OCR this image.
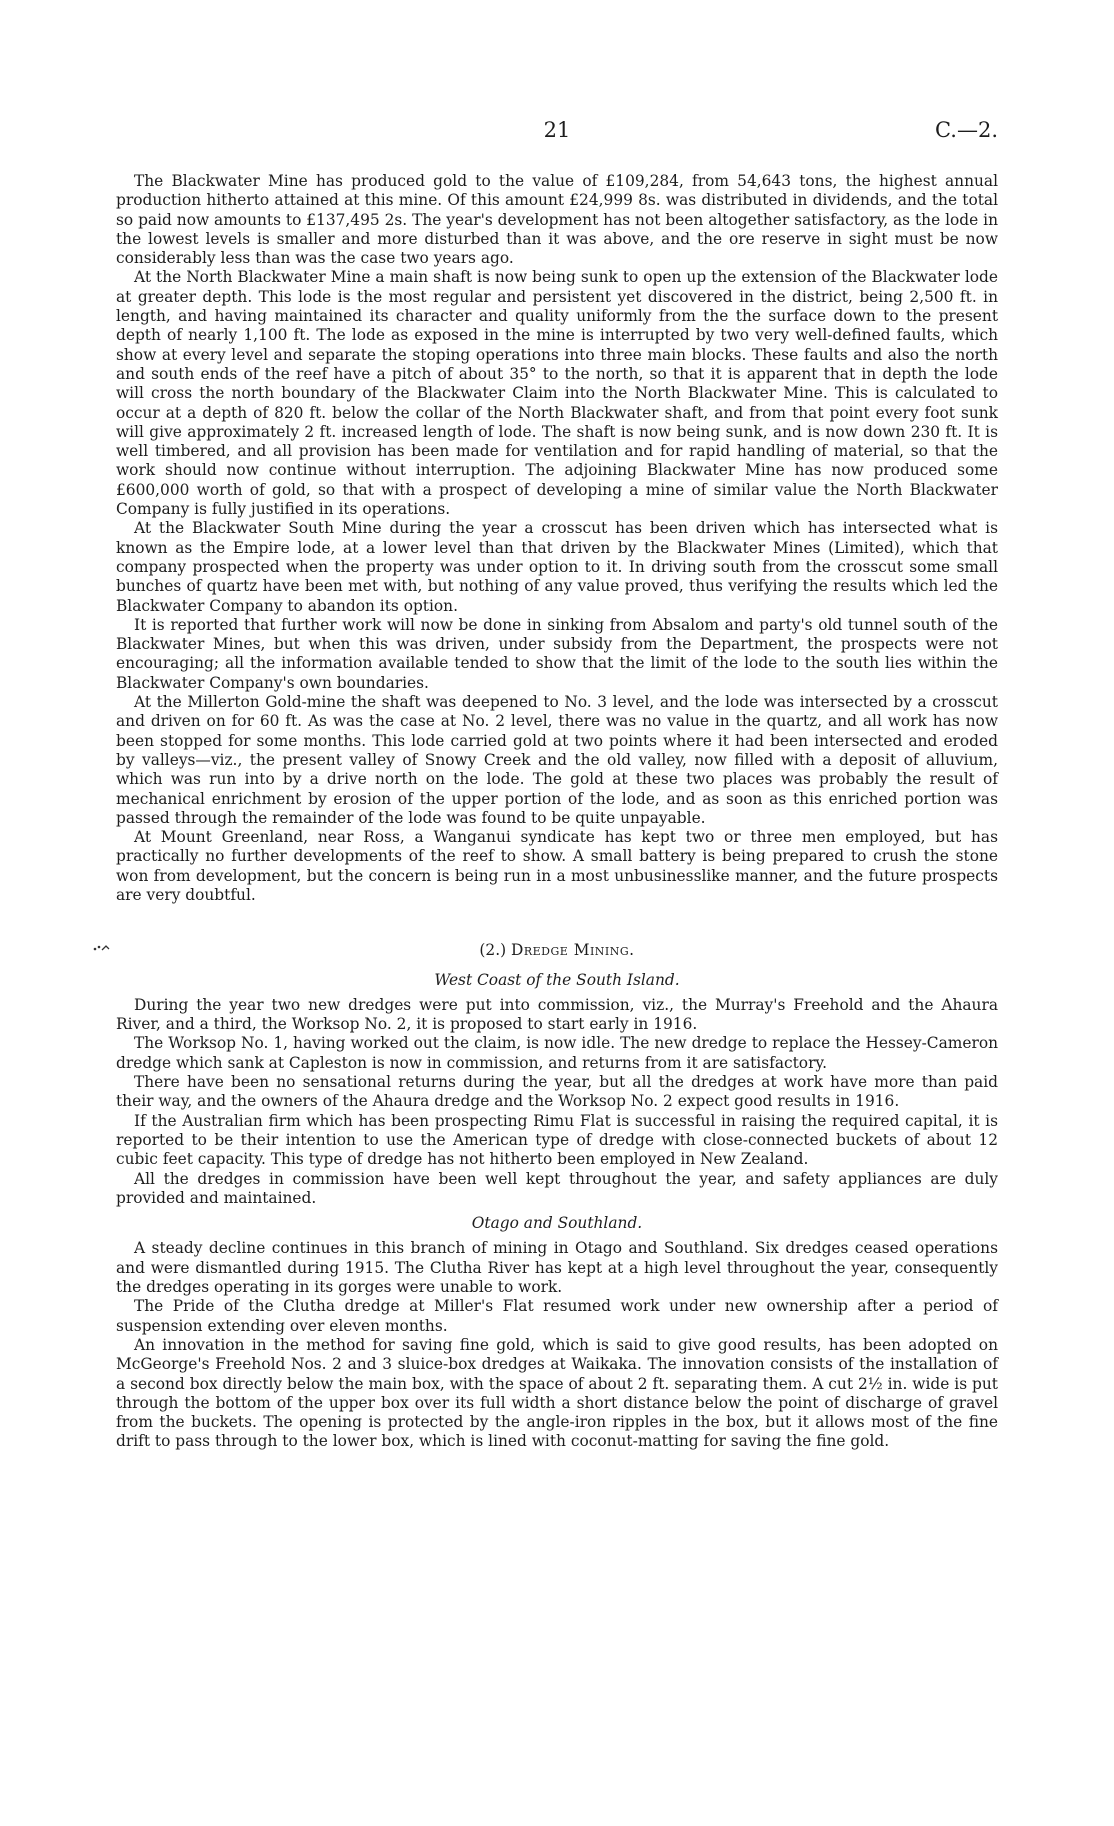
21	C.—2.

The Blackwater Mine has produced gold to the value of £109,284, from 54,643 tons, the highest annual production hitherto attained at this mine. Of this amount £24,999 8s. was distributed in dividends, and the total so paid now amounts to £137,495 2s. The year's development has not been altogether satisfactory, as the lode in the lowest levels is smaller and more disturbed than it was above, and the ore reserve in sight must be now considerably less than was the case two years ago.

At the North Blackwater Mine a main shaft is now being sunk to open up the extension of the Blackwater lode at greater depth. This lode is the most regular and persistent yet discovered in the district, being 2,500 ft. in length, and having maintained its character and quality uniformly from the the surface down to the present depth of nearly 1,100 ft. The lode as exposed in the mine is interrupted by two very well-defined faults, which show at every level and separate the stoping operations into three main blocks. These faults and also the north and south ends of the reef have a pitch of about 35° to the north, so that it is apparent that in depth the lode will cross the north boundary of the Blackwater Claim into the North Blackwater Mine. This is calculated to occur at a depth of 820 ft. below the collar of the North Blackwater shaft, and from that point every foot sunk will give approximately 2 ft. increased length of lode. The shaft is now being sunk, and is now down 230 ft. It is well timbered, and all provision has been made for ventilation and for rapid handling of material, so that the work should now continue without interruption. The adjoining Blackwater Mine has now produced some £600,000 worth of gold, so that with a prospect of developing a mine of similar value the North Blackwater Company is fully justified in its operations.

At the Blackwater South Mine during the year a crosscut has been driven which has intersected what is known as the Empire lode, at a lower level than that driven by the Blackwater Mines (Limited), which that company prospected when the property was under option to it. In driving south from the crosscut some small bunches of quartz have been met with, but nothing of any value proved, thus verifying the results which led the Blackwater Company to abandon its option.

It is reported that further work will now be done in sinking from Absalom and party's old tunnel south of the Blackwater Mines, but when this was driven, under subsidy from the Department, the prospects were not encouraging; all the information available tended to show that the limit of the lode to the south lies within the Blackwater Company's own boundaries.

At the Millerton Gold-mine the shaft was deepened to No. 3 level, and the lode was intersected by a crosscut and driven on for 60 ft. As was the case at No. 2 level, there was no value in the quartz, and all work has now been stopped for some months. This lode carried gold at two points where it had been intersected and eroded by valleys—viz., the present valley of Snowy Creek and the old valley, now filled with a deposit of alluvium, which was run into by a drive north on the lode. The gold at these two places was probably the result of mechanical enrichment by erosion of the upper portion of the lode, and as soon as this enriched portion was passed through the remainder of the lode was found to be quite unpayable.

At Mount Greenland, near Ross, a Wanganui syndicate has kept two or three men employed, but has practically no further developments of the reef to show. A small battery is being prepared to crush the stone won from development, but the concern is being run in a most unbusinesslike manner, and the future prospects are very doubtful.

(2.) Dredge Mining.
West Coast of the South Island.

During the year two new dredges were put into commission, viz., the Murray's Freehold and the Ahaura River, and a third, the Worksop No. 2, it is proposed to start early in 1916.

The Worksop No. 1, having worked out the claim, is now idle. The new dredge to replace the Hessey-Cameron dredge which sank at Capleston is now in commission, and returns from it are satisfactory.

There have been no sensational returns during the year, but all the dredges at work have more than paid their way, and the owners of the Ahaura dredge and the Worksop No. 2 expect good results in 1916.

If the Australian firm which has been prospecting Rimu Flat is successful in raising the required capital, it is reported to be their intention to use the American type of dredge with close-connected buckets of about 12 cubic feet capacity. This type of dredge has not hitherto been employed in New Zealand.

All the dredges in commission have been well kept throughout the year, and safety appliances are duly provided and maintained.

Otago and Southland.

A steady decline continues in this branch of mining in Otago and Southland. Six dredges ceased operations and were dismantled during 1915. The Clutha River has kept at a high level throughout the year, consequently the dredges operating in its gorges were unable to work.

The Pride of the Clutha dredge at Miller's Flat resumed work under new ownership after a period of suspension extending over eleven months.

An innovation in the method for saving fine gold, which is said to give good results, has been adopted on McGeorge's Freehold Nos. 2 and 3 sluice-box dredges at Waikaka. The innovation consists of the installation of a second box directly below the main box, with the space of about 2 ft. separating them. A cut 2½ in. wide is put through the bottom of the upper box over its full width a short distance below the point of discharge of gravel from the buckets. The opening is protected by the angle-iron ripples in the box, but it allows most of the fine drift to pass through to the lower box, which is lined with coconut-matting for saving the fine gold.
